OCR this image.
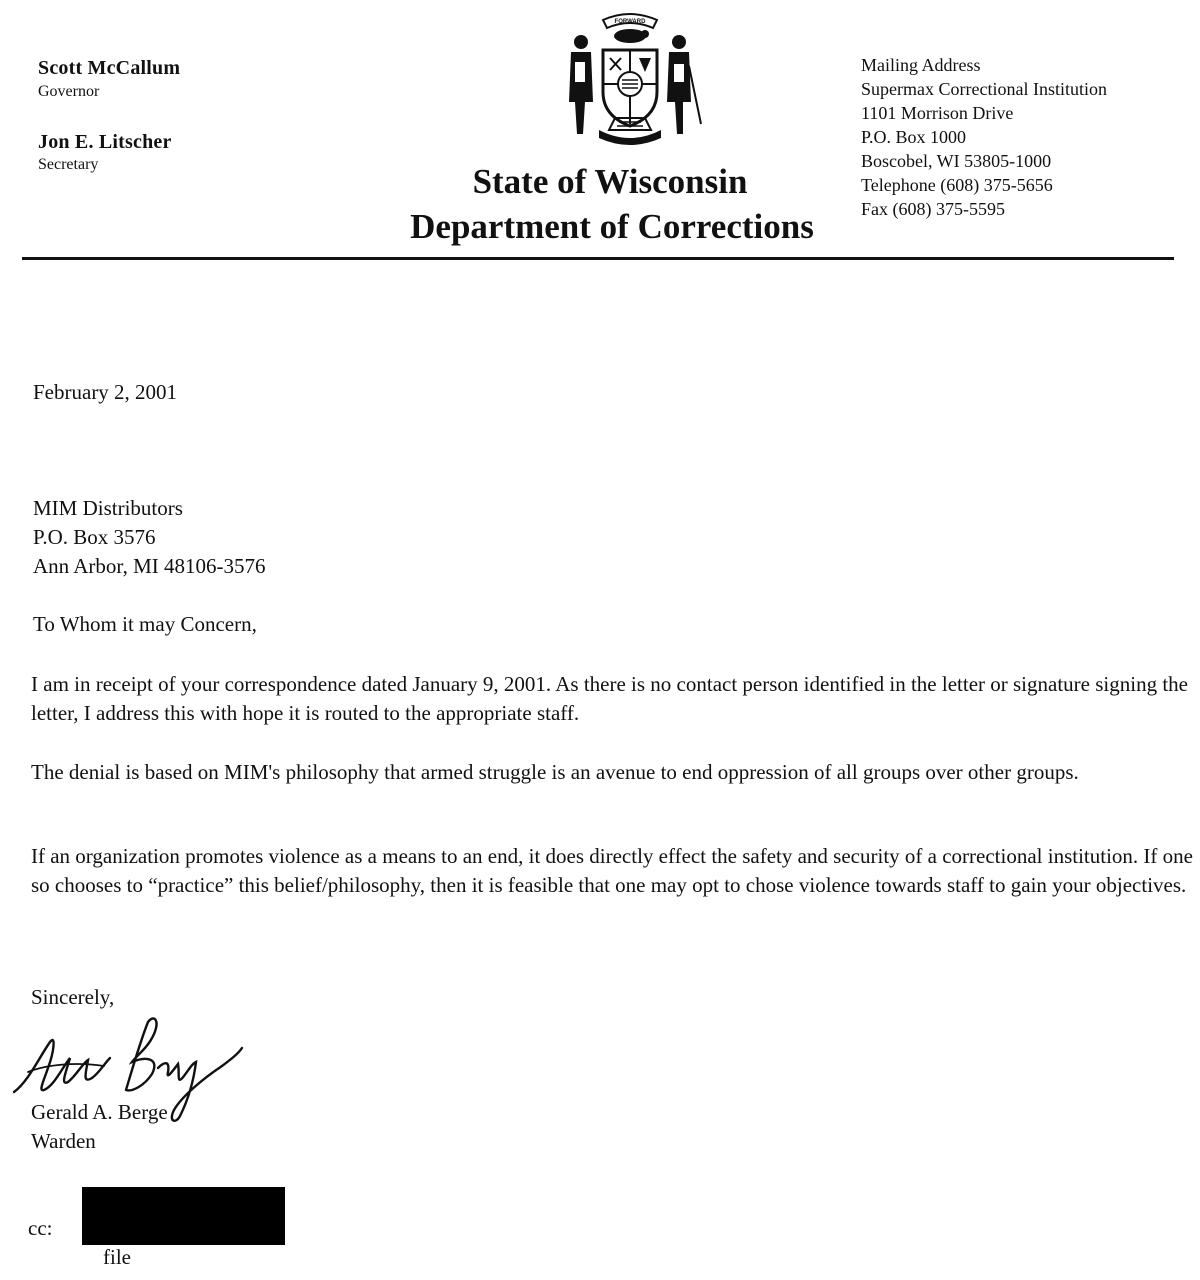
Scott McCallum
Governor
Jon E. Litscher
Secretary
FORWARD
State of Wisconsin
Department of Corrections
Mailing Address
Supermax Correctional Institution
1101 Morrison Drive
P.O. Box 1000
Boscobel, WI 53805-1000
Telephone (608) 375-5656
Fax (608) 375-5595
February 2, 2001
MIM Distributors
P.O. Box 3576
Ann Arbor, MI 48106-3576
To Whom it may Concern,
I am in receipt of your correspondence dated January 9, 2001. As there is no contact person identified in the letter or signature signing the letter, I address this with hope it is routed to the appropriate staff.
The denial is based on MIM's philosophy that armed struggle is an avenue to end oppression of all groups over other groups.
If an organization promotes violence as a means to an end, it does directly effect the safety and security of a correctional institution. If one so chooses to “practice” this belief/philosophy, then it is feasible that one may opt to chose violence towards staff to gain your objectives.
Sincerely,
Gerald A. Berge
Warden
cc:
file
